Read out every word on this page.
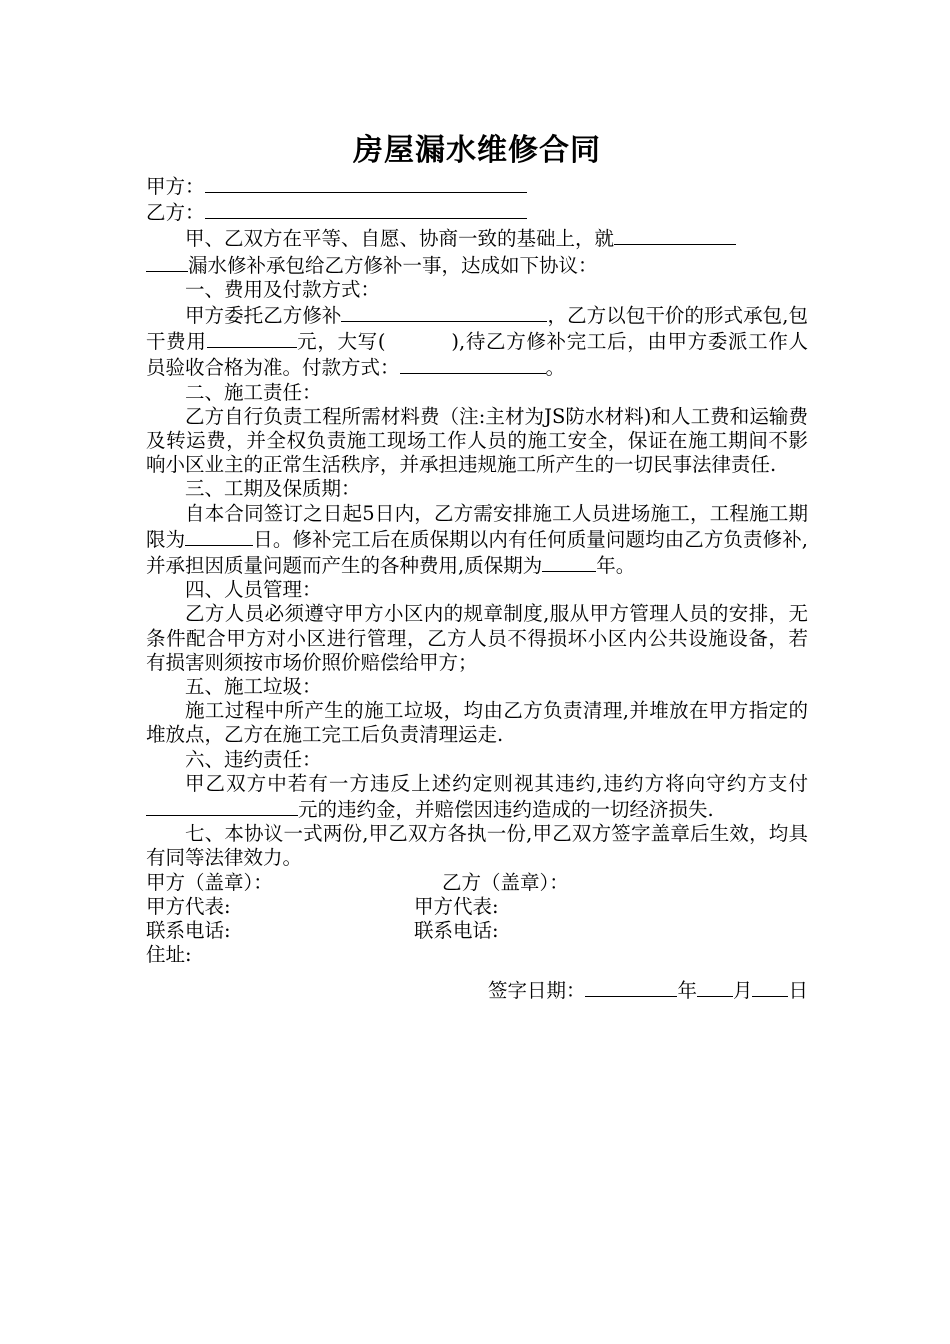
房屋漏水维修合同
甲方：
乙方：
甲、乙双方在平等、自愿、协商一致的基础上，就
漏水修补承包给乙方修补一事，达成如下协议：
一、费用及付款方式：
甲方委托乙方修补	，乙方以包干价的形式承包,包干费用	元，大写(	),待乙方修补完工后，由甲方委派工作人员验收合格为准。付款方式：	。
二、施工责任：
乙方自行负责工程所需材料费（注:主材为JS防水材料)和人工费和运输费及转运费，并全权负责施工现场工作人员的施工安全，保证在施工期间不影响小区业主的正常生活秩序，并承担违规施工所产生的一切民事法律责任.
三、工期及保质期：
自本合同签订之日起5日内，乙方需安排施工人员进场施工，工程施工期限为	日。修补完工后在质保期以内有任何质量问题均由乙方负责修补,并承担因质量问题而产生的各种费用,质保期为	年。
四、人员管理：
乙方人员必须遵守甲方小区内的规章制度,服从甲方管理人员的安排，无条件配合甲方对小区进行管理，乙方人员不得损坏小区内公共设施设备，若有损害则须按市场价照价赔偿给甲方；
五、施工垃圾：
施工过程中所产生的施工垃圾，均由乙方负责清理,并堆放在甲方指定的堆放点，乙方在施工完工后负责清理运走.
六、违约责任：
甲乙双方中若有一方违反上述约定则视其违约,违约方将向守约方支付元的违约金，并赔偿因违约造成的一切经济损失.
七、本协议一式两份,甲乙双方各执一份,甲乙双方签字盖章后生效，均具有同等法律效力。
甲方（盖章）：	乙方（盖章）：
甲方代表:	甲方代表:
联系电话:	联系电话:
住址:
签字日期：	年 月 日
